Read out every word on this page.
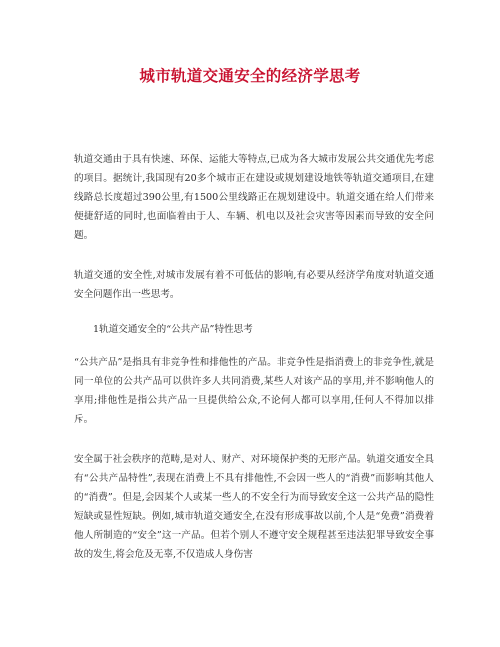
城市轨道交通安全的经济学思考

轨道交通由于具有快速、环保、运能大等特点,已成为各大城市发展公共交通优先考虑的项目。据统计,我国现有20多个城市正在建设或规划建设地铁等轨道交通项目,在建线路总长度超过390公里,有1500公里线路正在规划建设中。轨道交通在给人们带来便捷舒适的同时,也面临着由于人、车辆、机电以及社会灾害等因素而导致的安全问题。

轨道交通的安全性,对城市发展有着不可低估的影响,有必要从经济学角度对轨道交通安全问题作出一些思考。

1轨道交通安全的“公共产品”特性思考

“公共产品”是指具有非竞争性和排他性的产品。非竞争性是指消费上的非竞争性,就是同一单位的公共产品可以供许多人共同消费,某些人对该产品的享用,并不影响他人的享用;排他性是指公共产品一旦提供给公众,不论何人都可以享用,任何人不得加以排斥。

安全属于社会秩序的范畴,是对人、财产、对环境保护类的无形产品。轨道交通安全具有“公共产品特性”,表现在消费上不具有排他性,不会因一些人的“消费”而影响其他人的“消费”。但是,会因某个人或某一些人的不安全行为而导致安全这一公共产品的隐性短缺或显性短缺。例如,城市轨道交通安全,在没有形成事故以前,个人是“免费”消费着他人所制造的“安全”这一产品。但若个别人不遵守安全规程甚至违法犯罪导致安全事故的发生,将会危及无辜,不仅造成人身伤害
